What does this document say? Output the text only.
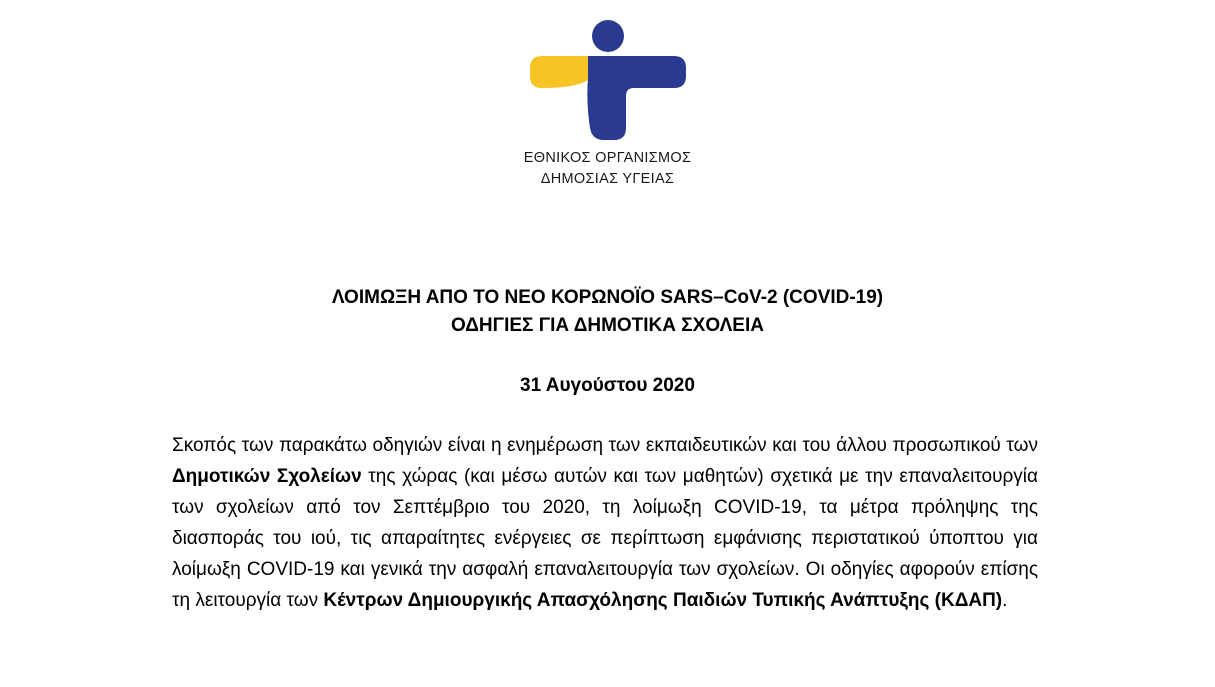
ΕΘΝΙΚΟΣ ΟΡΓΑΝΙΣΜΟΣ
ΔΗΜΟΣΙΑΣ ΥΓΕΙΑΣ
ΛΟΙΜΩΞΗ ΑΠΟ ΤΟ ΝΕΟ ΚΟΡΩΝΟΪΟ SARS–CoV-2 (COVID-19)
ΟΔΗΓΙΕΣ ΓΙΑ ΔΗΜΟΤΙΚΑ ΣΧΟΛΕΙΑ
31 Αυγούστου 2020
Σκοπός των παρακάτω οδηγιών είναι η ενημέρωση των εκπαιδευτικών και του άλλου προσωπικού των Δημοτικών Σχολείων της χώρας (και μέσω αυτών και των μαθητών) σχετικά με την επαναλειτουργία των σχολείων από τον Σεπτέμβριο του 2020, τη λοίμωξη COVID-19, τα μέτρα πρόληψης της διασποράς του ιού, τις απαραίτητες ενέργειες σε περίπτωση εμφάνισης περιστατικού ύποπτου για λοίμωξη COVID-19 και γενικά την ασφαλή επαναλειτουργία των σχολείων. Οι οδηγίες αφορούν επίσης τη λειτουργία των Κέντρων Δημιουργικής Απασχόλησης Παιδιών Τυπικής Ανάπτυξης (ΚΔΑΠ).
